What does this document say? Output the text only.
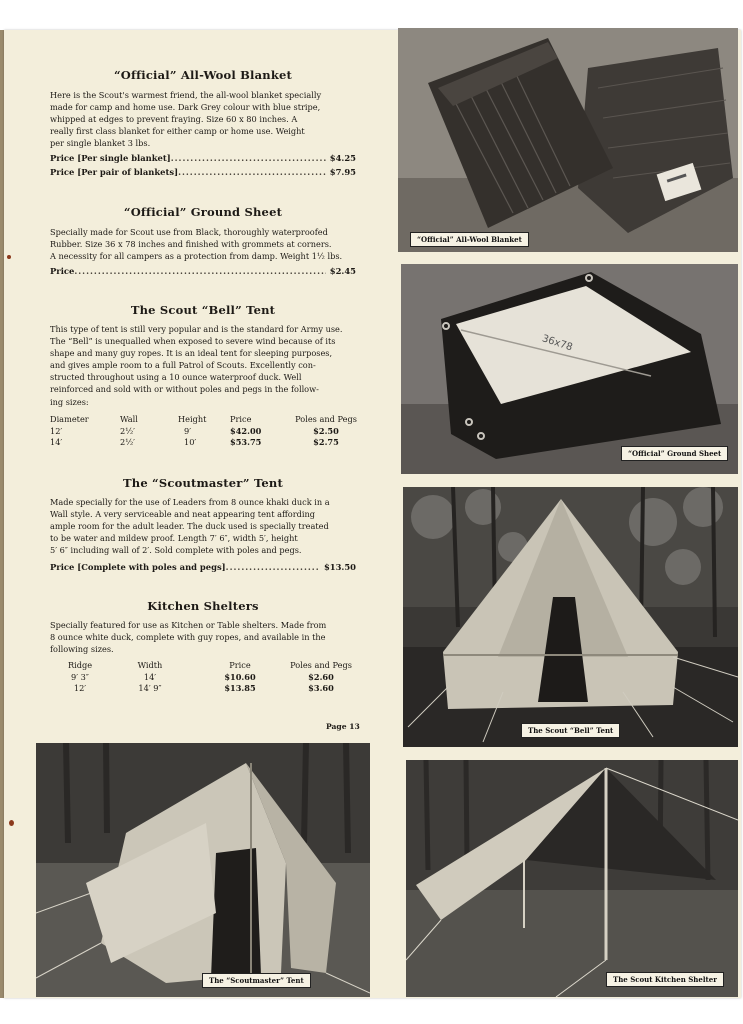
“Official” All-Wool Blanket
Here is the Scout's warmest friend, the all-wool blanket specially
made for camp and home use. Dark Grey colour with blue stripe,
whipped at edges to prevent fraying. Size 60 x 80 inches. A
really first class blanket for either camp or home use. Weight
per single blanket 3 lbs.
Price [Per single blanket] .....	$4.25
Price [Per pair of blankets] .....	$7.95
“Official” Ground Sheet
Specially made for Scout use from Black, thoroughly waterproofed
Rubber. Size 36 x 78 inches and finished with grommets at corners.
A necessity for all campers as a protection from damp. Weight 1½ lbs.
Price .....	$2.45
The Scout “Bell” Tent
This type of tent is still very popular and is the standard for Army use.
The “Bell” is unequalled when exposed to severe wind because of its
shape and many guy ropes. It is an ideal tent for sleeping purposes,
and gives ample room to a full Patrol of Scouts. Excellently con-
structed throughout using a 10 ounce waterproof duck. Well
reinforced and sold with or without poles and pegs in the follow-
ing sizes:
Diameter	Wall	Height	Price	Poles and Pegs
12′	2½′	9′	$42.00	$2.50
14′	2½′	10′	$53.75	$2.75
The “Scoutmaster” Tent
Made specially for the use of Leaders from 8 ounce khaki duck in a
Wall style. A very serviceable and neat appearing tent affording
ample room for the adult leader. The duck used is specially treated
to be water and mildew proof. Length 7′ 6″, width 5′, height
5′ 6″ including wall of 2′. Sold complete with poles and pegs.
Price [Complete with poles and pegs] .....	$13.50
Kitchen Shelters
Specially featured for use as Kitchen or Table shelters. Made from
8 ounce white duck, complete with guy ropes, and available in the
following sizes.
Ridge	Width	Price	Poles and Pegs
9′ 3″	14′	$10.60	$2.60
12′	14′ 9″	$13.85	$3.60
Page 13
“Official” All-Wool Blanket
36x78
“Official” Ground Sheet
The Scout “Bell” Tent
The “Scoutmaster” Tent	The Scout Kitchen Shelter
